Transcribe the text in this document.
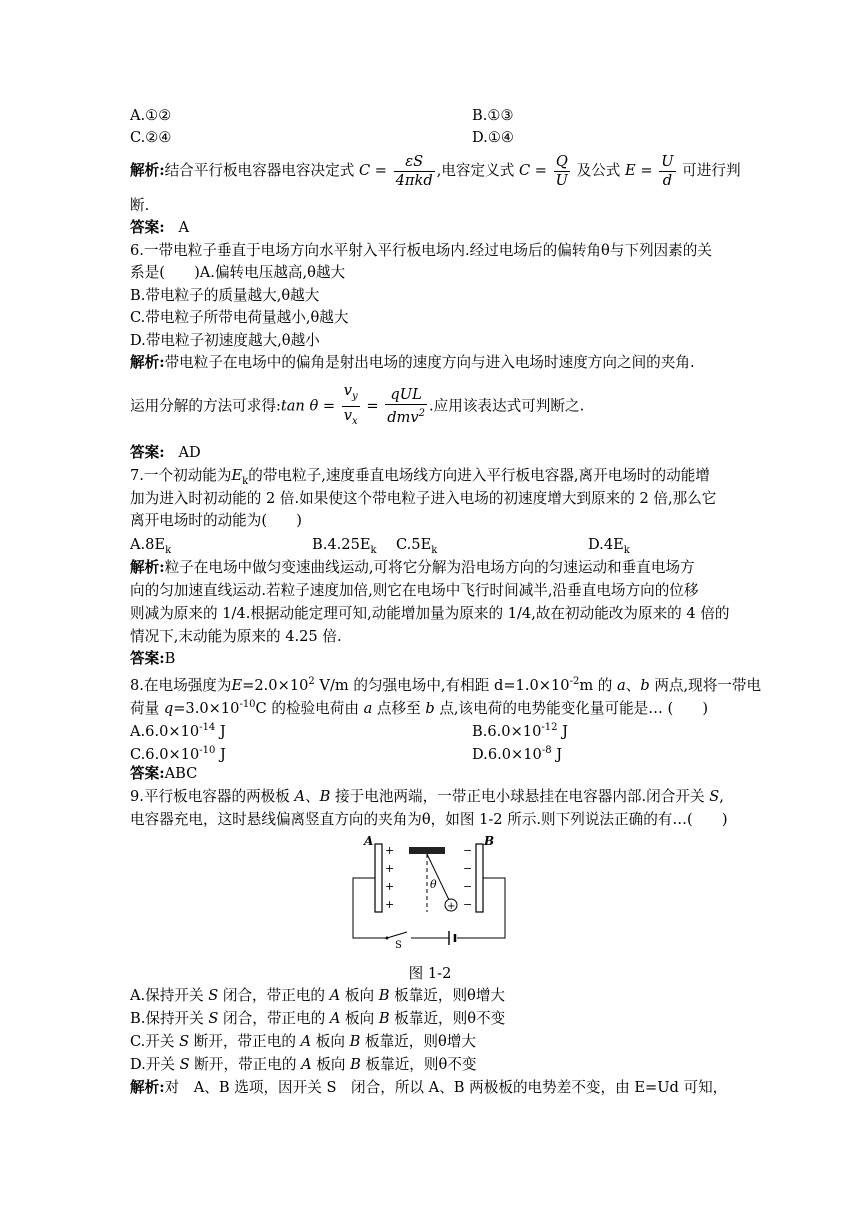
A.①②	B.①③
C.②④	D.①④
解析:结合平行板电容器电容决定式 $C = \frac{\varepsilon S}{\text{4πkd}}$ ,电容定义式 $C = \frac{Q}{U}$ 及公式 $E = \frac{U}{d}$ 可进行判
断.
答案: A
6.一带电粒子垂直于电场方向水平射入平行板电场内.经过电场后的偏转角θ与下列因素的关
系是(　　)A.偏转电压越高,θ越大
B.带电粒子的质量越大,θ越大
C.带电粒子所带电荷量越小,θ越大
D.带电粒子初速度越大,θ越小
解析:带电粒子在电场中的偏角是射出电场的速度方向与进入电场时速度方向之间的夹角.
运用分解的方法可求得:tan $\theta = \frac{v_y}{v_x} = \frac{\text{qUL}}{dmv^2}$ .应用该表达式可判断之.
答案: AD
7.一个初动能为$E_k$的带电粒子,速度垂直电场线方向进入平行板电容器,离开电场时的动能增
加为进入时初动能的 2 倍.如果使这个带电粒子进入电场的初速度增大到原来的 2 倍,那么它
离开电场时的动能为(　　)
$A.8E_k$	$B.4.25E_k$ $C.5E_k$	$D.4E_k$
解析:粒子在电场中做匀变速曲线运动,可将它分解为沿电场方向的匀速运动和垂直电场方
向的匀加速直线运动.若粒子速度加倍,则它在电场中飞行时间减半,沿垂直电场方向的位移
则减为原来的 1/4.根据动能定理可知,动能增加量为原来的 1/4,故在初动能改为原来的 4 倍的
情况下,末动能为原来的 4.25 倍.
答案:B
8.在电场强度为$E=2.0\times 10^2$ V/m 的匀强电场中,有相距 $d=1.0\times 10^{-2}m$ 的 a、b 两点,现将一带电
荷量 $q=3.0\times 10^{-10}C$ 的检验电荷由 a 点移至 b 点,该电荷的电势能变化量可能是… (　　)
$A.6.0\times 10^{-14}$ J	$B.6.0\times 10^{-12}$ J
$C.6.0\times 10^{-10}$ J	$D.6.0\times 10^{-8}$ J
答案:ABC
9.平行板电容器的两极板 A、B 接于电池两端，一带正电小球悬挂在电容器内部.闭合开关 S,
电容器充电，这时悬线偏离竖直方向的夹角为θ，如图 1-2 所示.则下列说法正确的有…(　　)
A
+
+
+
+
B
−
−
−
−
+
θ
S
图 1-2
A.保持开关 S 闭合，带正电的 A 板向 B 板靠近，则θ增大
B.保持开关 S 闭合，带正电的 A 板向 B 板靠近，则θ不变
C.开关 S 断开，带正电的 A 板向 B 板靠近，则θ增大
D.开关 S 断开，带正电的 A 板向 B 板靠近，则θ不变
解析:对　A、B 选项，因开关 S　闭合，所以 A、B 两极板的电势差不变，由 E=Ud 可知，
